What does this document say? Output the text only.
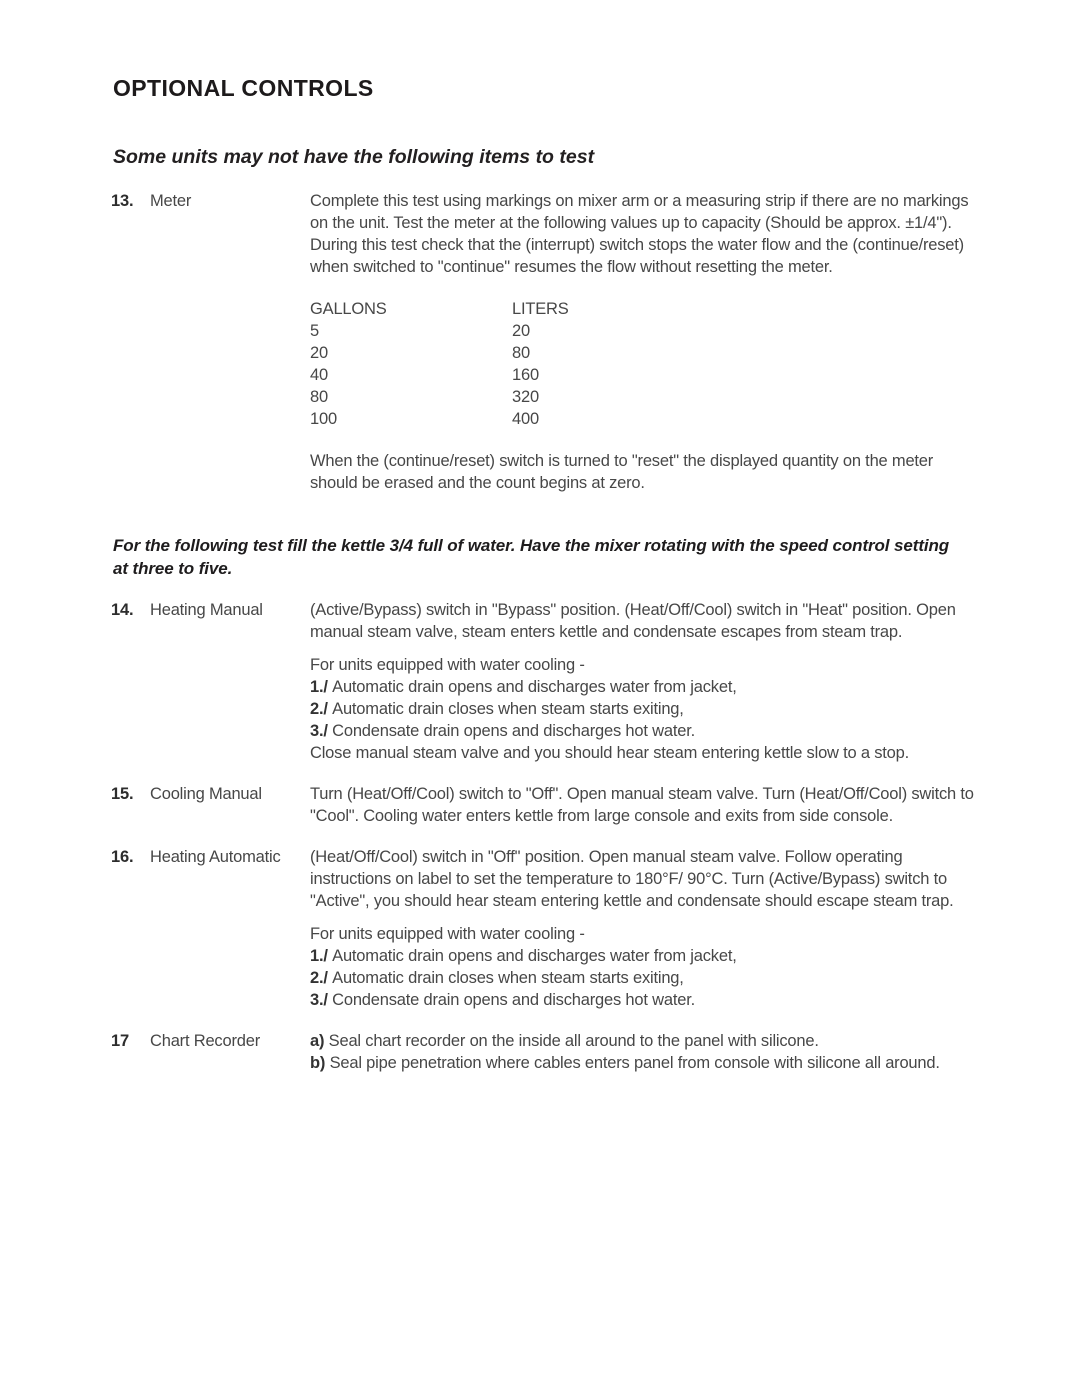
OPTIONAL CONTROLS
Some units may not have the following items to test
13.	Meter	Complete this test using markings on mixer arm or a measuring strip if there are no markings on the unit. Test the meter at the following values up to capacity (Should be approx. ±1/4"). During this test check that the (interrupt) switch stops the water flow and the (continue/reset) when switched to "continue" resumes the flow without resetting the meter.

GALLONS	LITERS
5	20
20	80
40	160
80	320
100	400

When the (continue/reset) switch is turned to "reset" the displayed quantity on the meter should be erased and the count begins at zero.

For the following test fill the kettle 3/4 full of water. Have the mixer rotating with the speed control setting at three to five.

14.	Heating Manual	(Active/Bypass) switch in "Bypass" position. (Heat/Off/Cool) switch in "Heat" position. Open manual steam valve, steam enters kettle and condensate escapes from steam trap.

For units equipped with water cooling -

1./ Automatic drain opens and discharges water from jacket,

2./ Automatic drain closes when steam starts exiting,

3./ Condensate drain opens and discharges hot water.

Close manual steam valve and you should hear steam entering kettle slow to a stop.

15.	Cooling Manual	Turn (Heat/Off/Cool) switch to "Off". Open manual steam valve. Turn (Heat/Off/Cool) switch to "Cool". Cooling water enters kettle from large console and exits from side console.

16.	Heating Automatic	(Heat/Off/Cool) switch in "Off" position. Open manual steam valve. Follow operating instructions on label to set the temperature to 180°F/ 90°C. Turn (Active/Bypass) switch to "Active", you should hear steam entering kettle and condensate should escape steam trap.

For units equipped with water cooling -

1./ Automatic drain opens and discharges water from jacket,

2./ Automatic drain closes when steam starts exiting,

3./ Condensate drain opens and discharges hot water.

17	Chart Recorder	a) Seal chart recorder on the inside all around to the panel with silicone.

b) Seal pipe penetration where cables enters panel from console with silicone all around.
